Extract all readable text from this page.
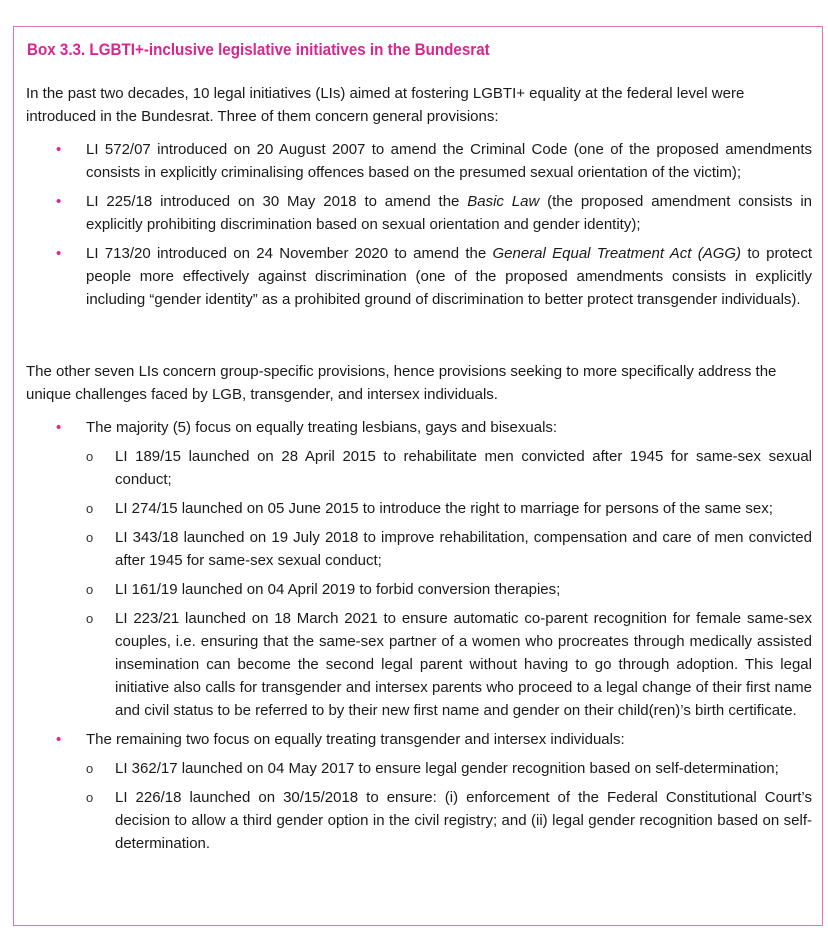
Box 3.3. LGBTI+-inclusive legislative initiatives in the Bundesrat

In the past two decades, 10 legal initiatives (LIs) aimed at fostering LGBTI+ equality at the federal level were introduced in the Bundesrat. Three of them concern general provisions:

• LI 572/07 introduced on 20 August 2007 to amend the Criminal Code (one of the proposed amendments consists in explicitly criminalising offences based on the presumed sexual orientation of the victim);
• LI 225/18 introduced on 30 May 2018 to amend the Basic Law (the proposed amendment consists in explicitly prohibiting discrimination based on sexual orientation and gender identity);
• LI 713/20 introduced on 24 November 2020 to amend the General Equal Treatment Act (AGG) to protect people more effectively against discrimination (one of the proposed amendments consists in explicitly including “gender identity” as a prohibited ground of discrimination to better protect transgender individuals).

The other seven LIs concern group-specific provisions, hence provisions seeking to more specifically address the unique challenges faced by LGB, transgender, and intersex individuals.

• The majority (5) focus on equally treating lesbians, gays and bisexuals:
o LI 189/15 launched on 28 April 2015 to rehabilitate men convicted after 1945 for same-sex sexual conduct;
o LI 274/15 launched on 05 June 2015 to introduce the right to marriage for persons of the same sex;
o LI 343/18 launched on 19 July 2018 to improve rehabilitation, compensation and care of men convicted after 1945 for same-sex sexual conduct;
o LI 161/19 launched on 04 April 2019 to forbid conversion therapies;
o LI 223/21 launched on 18 March 2021 to ensure automatic co-parent recognition for female same-sex couples, i.e. ensuring that the same-sex partner of a women who procreates through medically assisted insemination can become the second legal parent without having to go through adoption. This legal initiative also calls for transgender and intersex parents who proceed to a legal change of their first name and civil status to be referred to by their new first name and gender on their child(ren)’s birth certificate.
• The remaining two focus on equally treating transgender and intersex individuals:
o LI 362/17 launched on 04 May 2017 to ensure legal gender recognition based on self-determination;
o LI 226/18 launched on 30/15/2018 to ensure: (i) enforcement of the Federal Constitutional Court’s decision to allow a third gender option in the civil registry; and (ii) legal gender recognition based on self-determination.
